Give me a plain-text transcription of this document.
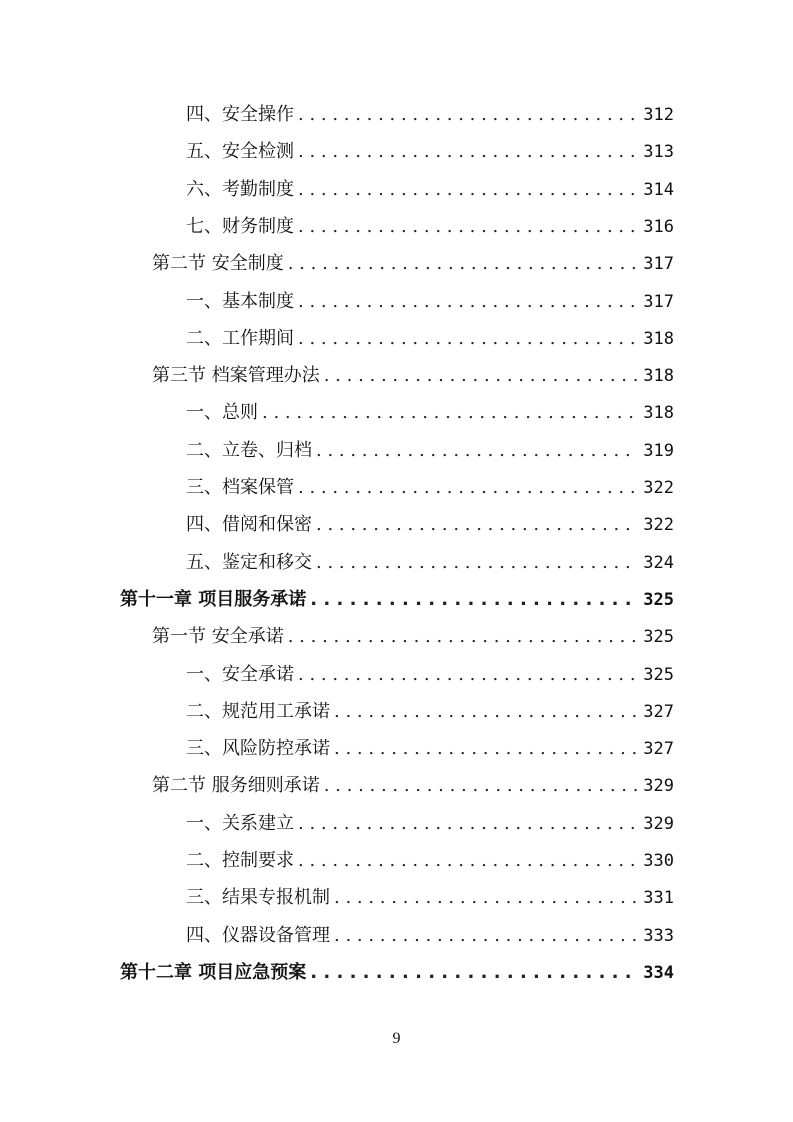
四、安全操作 . . .	312
五、安全检测 . . .	313
六、考勤制度 . . .	314
七、财务制度 . . .	316
第二节 安全制度 . . .	317
一、基本制度 . . .	317
二、工作期间 . . .	318
第三节 档案管理办法 . . .	318
一、总则 . . .	318
二、立卷、归档 . . .	319
三、档案保管 . . .	322
四、借阅和保密 . . .	322
五、鉴定和移交 . . .	324
第十一章 项目服务承诺 . . .	325
第一节 安全承诺 . . .	325
一、安全承诺 . . .	325
二、规范用工承诺 . . .	327
三、风险防控承诺 . . .	327
第二节 服务细则承诺 . . .	329
一、关系建立 . . .	329
二、控制要求 . . .	330
三、结果专报机制 . . .	331
四、仪器设备管理 . . .	333
第十二章 项目应急预案 . . .	334
9
